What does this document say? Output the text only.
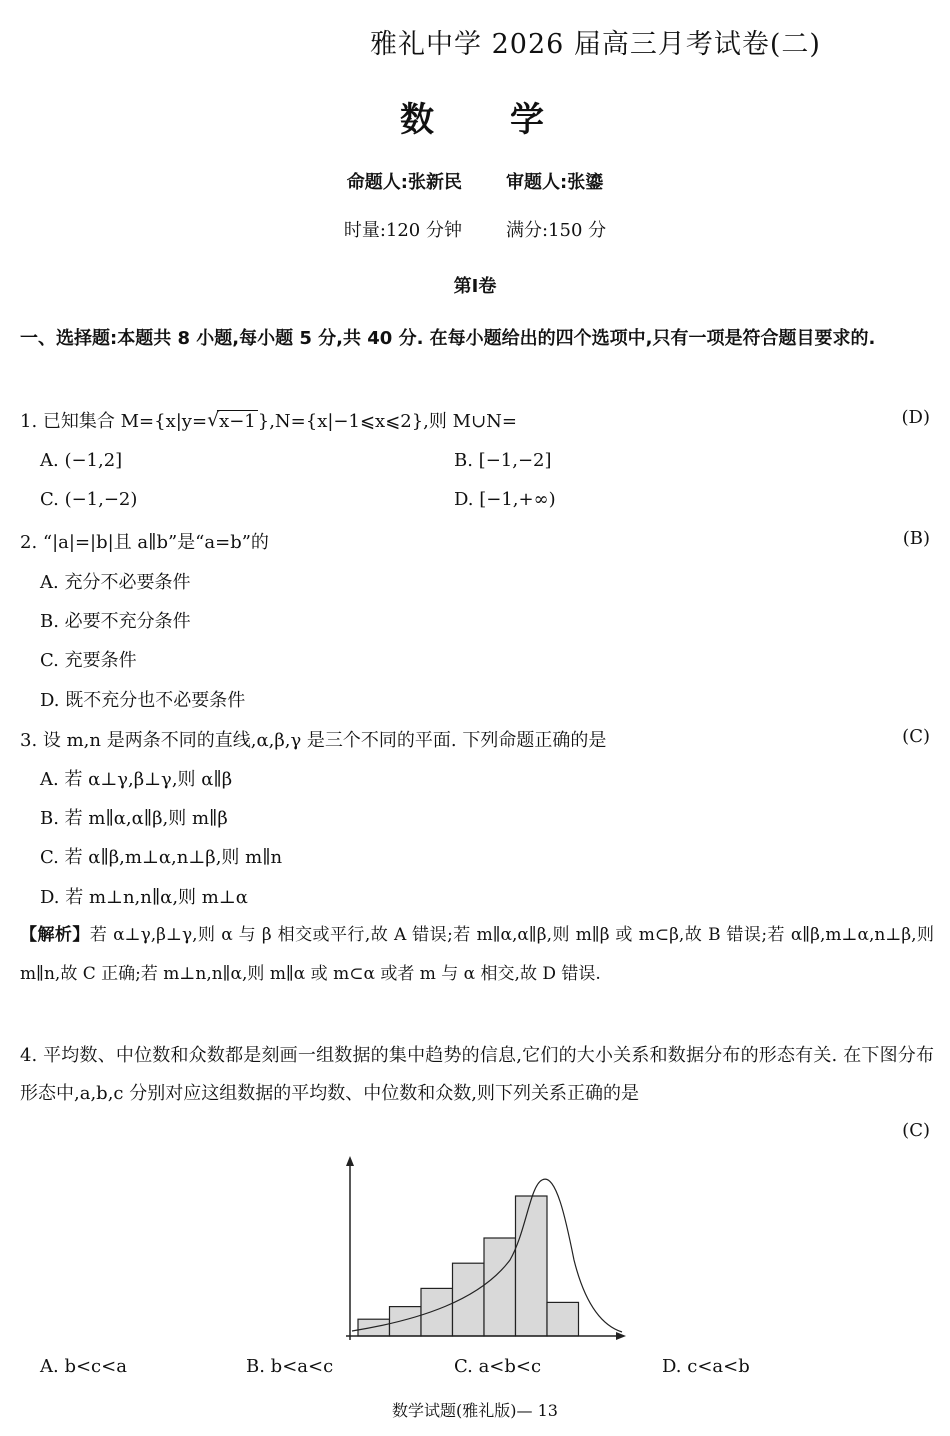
雅礼中学 2026 届高三月考试卷(二)
数 学
命题人:张新民 审题人:张鎏
时量:120 分钟 满分:150 分
第Ⅰ卷
一、选择题:本题共 8 小题,每小题 5 分,共 40 分. 在每小题给出的四个选项中,只有一项是符合题目要求的.
1. 已知集合 M={x|y= √ x−1 },N={x|−1⩽x⩽2},则 M∪N=	(D)
A. (−1,2]	B. [−1,−2]
C. (−1,−2)	D. [−1,+∞)
2. “|a|=|b|且 a∥b”是“a=b”的	(B)
A. 充分不必要条件
B. 必要不充分条件
C. 充要条件
D. 既不充分也不必要条件
3. 设 m,n 是两条不同的直线,α,β,γ 是三个不同的平面. 下列命题正确的是	(C)
A. 若 α⊥γ,β⊥γ,则 α∥β
B. 若 m∥α,α∥β,则 m∥β
C. 若 α∥β,m⊥α,n⊥β,则 m∥n
D. 若 m⊥n,n∥α,则 m⊥α
【解析】若 α⊥γ,β⊥γ,则 α 与 β 相交或平行,故 A 错误;若 m∥α,α∥β,则 m∥β 或 m⊂β,故 B 错误;若 α∥β,m⊥α,n⊥β,则 m∥n,故 C 正确;若 m⊥n,n∥α,则 m∥α 或 m⊂α 或者 m 与 α 相交,故 D 错误.
4. 平均数、中位数和众数都是刻画一组数据的集中趋势的信息,它们的大小关系和数据分布的形态有关. 在下图分布形态中,a,b,c 分别对应这组数据的平均数、中位数和众数,则下列关系正确的是
(C)
A. b<c<a	B. b<a<c	C. a<b<c	D. c<a<b
数学试题(雅礼版)— 13
